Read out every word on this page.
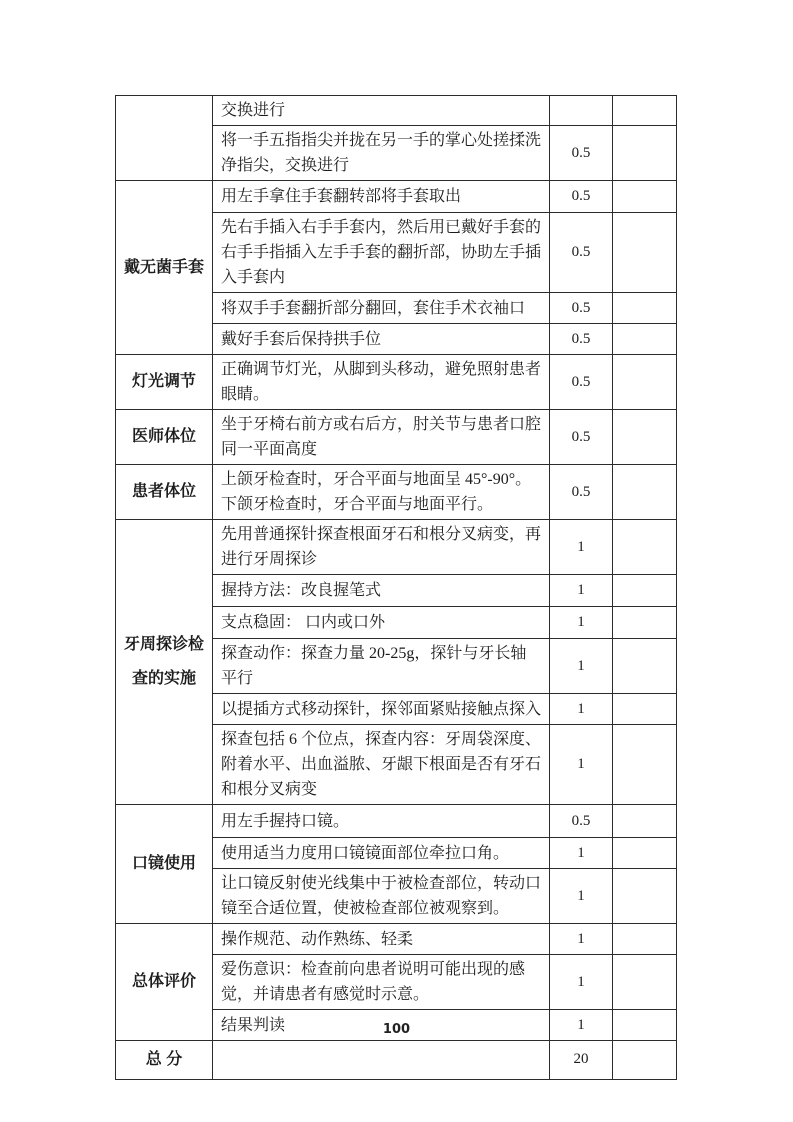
	交换进行		
	将一手五指指尖并拢在另一手的掌心处搓揉洗净指尖，交换进行	0.5	
戴无菌手套	用左手拿住手套翻转部将手套取出	0.5	
	先右手插入右手手套内，然后用已戴好手套的右手手指插入左手手套的翻折部，协助左手插入手套内	0.5	
	将双手手套翻折部分翻回，套住手术衣袖口	0.5	
	戴好手套后保持拱手位	0.5	
灯光调节	正确调节灯光，从脚到头移动，避免照射患者眼睛。	0.5	
医师体位	坐于牙椅右前方或右后方，肘关节与患者口腔同一平面高度	0.5	
患者体位	上颌牙检查时，牙合平面与地面呈 45°-90°。下颌牙检查时，牙合平面与地面平行。	0.5	
牙周探诊检查的实施	先用普通探针探查根面牙石和根分叉病变，再进行牙周探诊	1	
	握持方法：改良握笔式	1	
	支点稳固： 口内或口外	1	
	探查动作：探查力量 20-25g，探针与牙长轴平行	1	
	以提插方式移动探针，探邻面紧贴接触点探入	1	
	探查包括 6 个位点，探查内容：牙周袋深度、附着水平、出血溢脓、牙龈下根面是否有牙石和根分叉病变	1	
口镜使用	用左手握持口镜。	0.5	
	使用适当力度用口镜镜面部位牵拉口角。	1	
	让口镜反射使光线集中于被检查部位，转动口镜至合适位置，使被检查部位被观察到。	1	
总体评价	操作规范、动作熟练、轻柔	1	
	爱伤意识：检查前向患者说明可能出现的感觉，并请患者有感觉时示意。	1	
	结果判读	1	
总 分		20	
100
